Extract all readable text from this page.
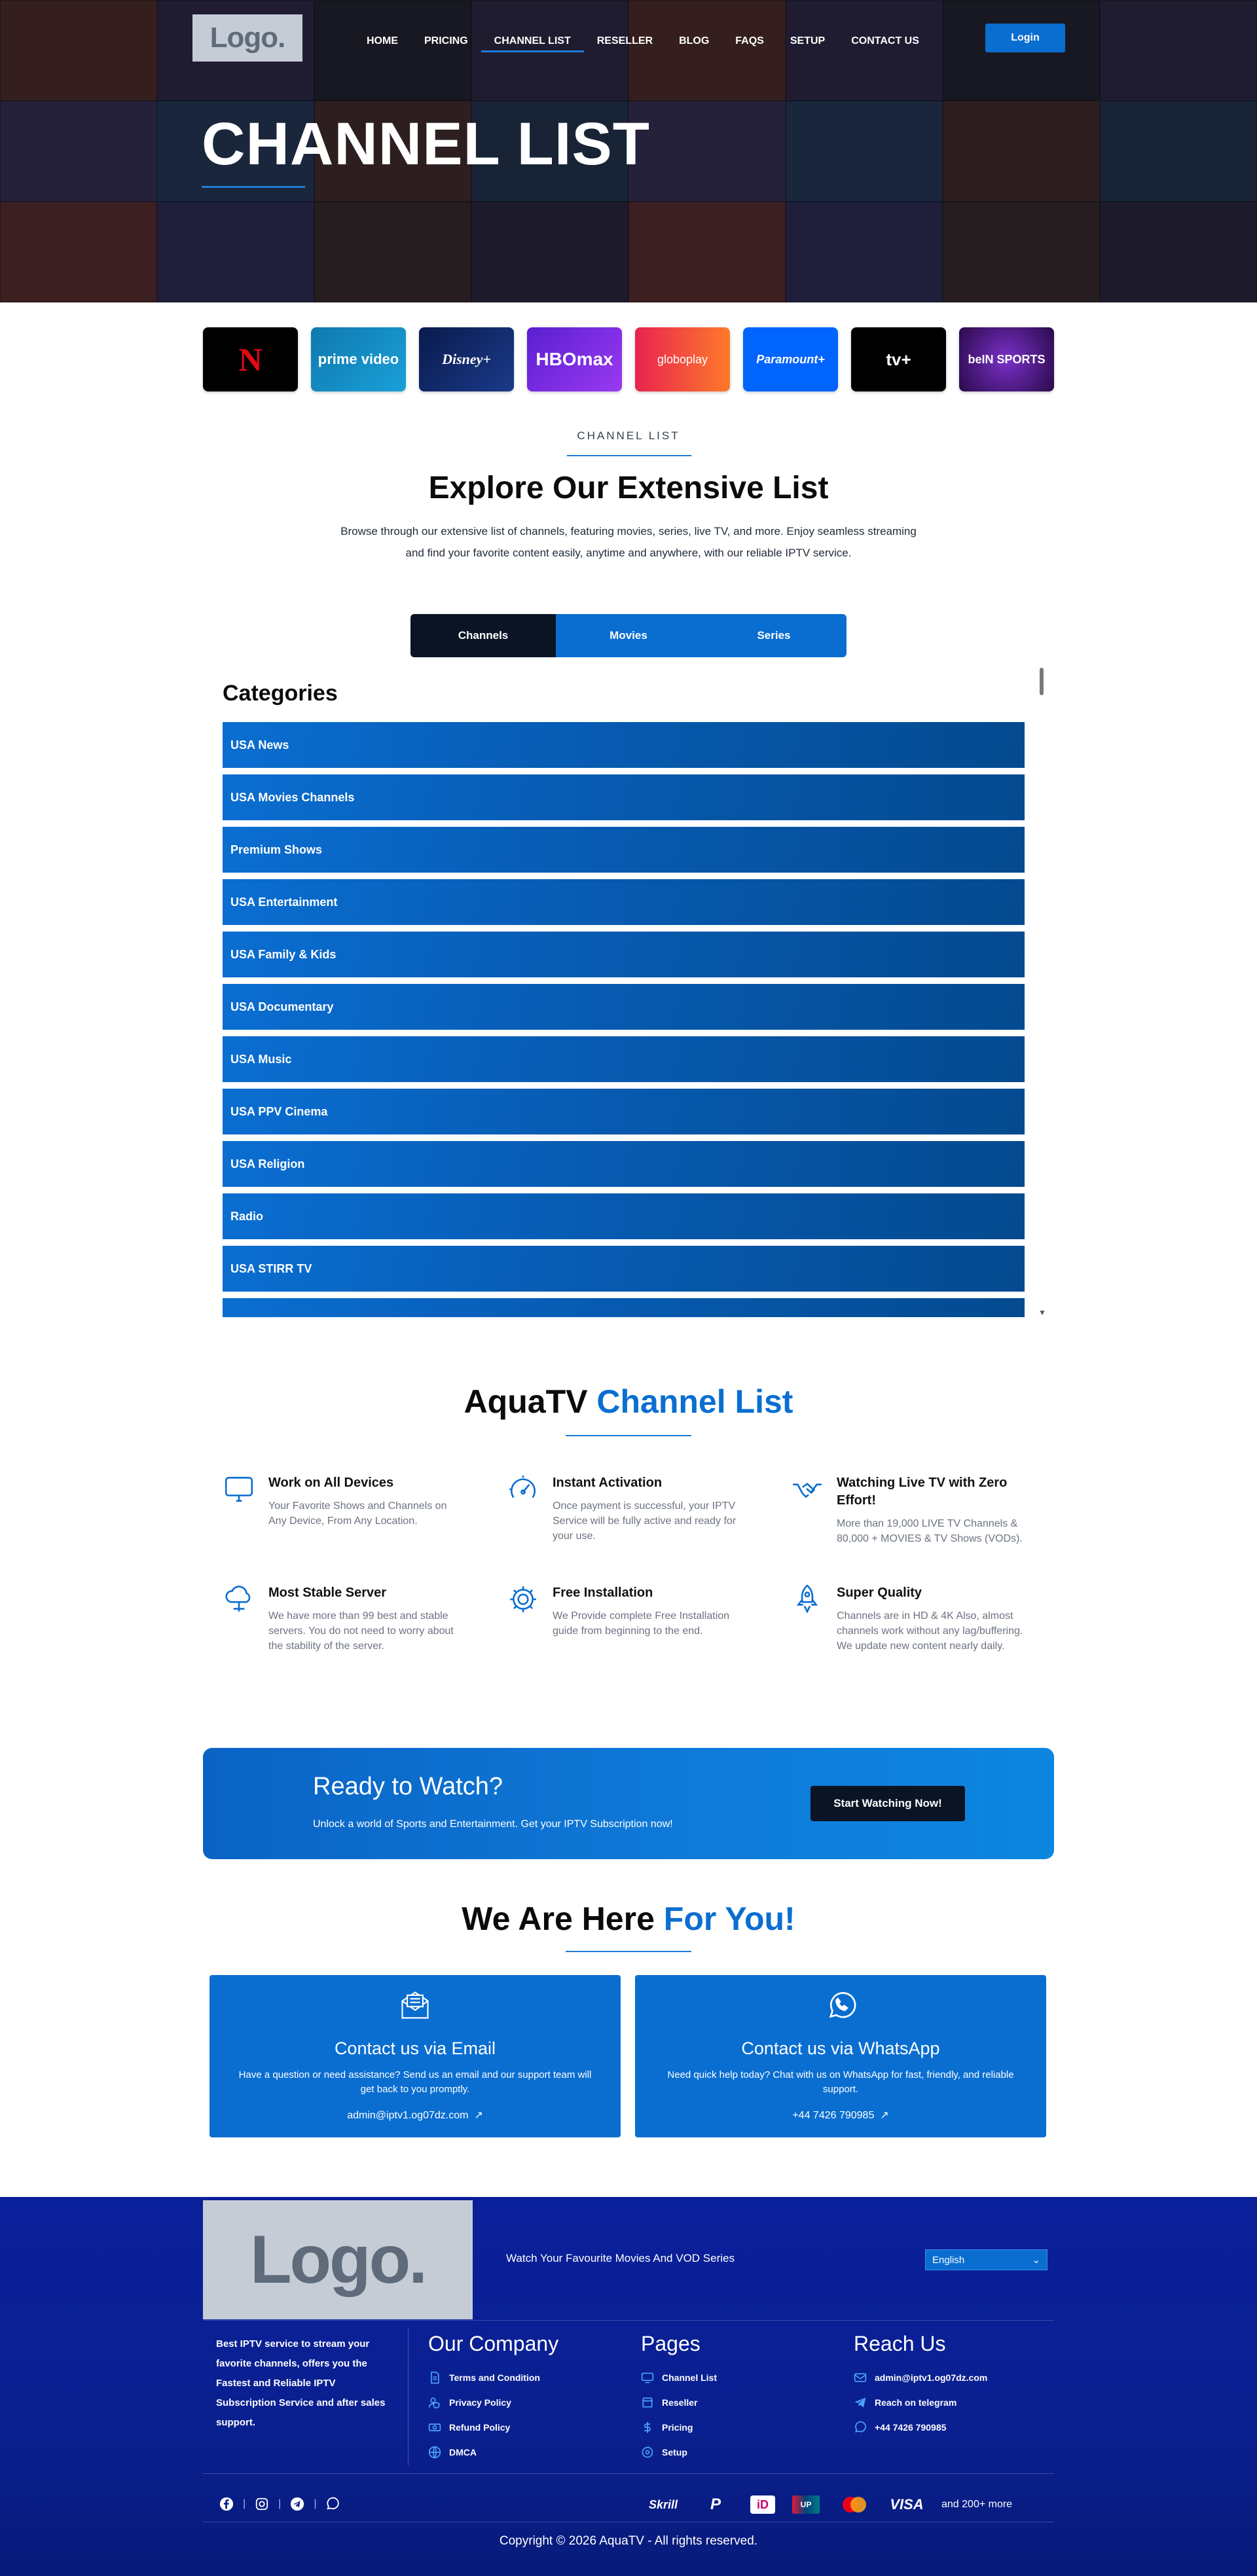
Logo.	HOME	PRICING	CHANNEL LIST	RESELLER	BLOG	FAQS	SETUP	CONTACT US	Login
CHANNEL LIST
N	prime video	Disney+	HBOmax	globoplay	Paramount+	tv+	beIN SPORTS
CHANNEL LIST
Explore Our Extensive List

Browse through our extensive list of channels, featuring movies, series, live TV, and more. Enjoy seamless streaming and find your favorite content easily, anytime and anywhere, with our reliable IPTV service.

Channels	Movies	Series
Categories
USA News
USA Movies Channels
Premium Shows
USA Entertainment
USA Family & Kids
USA Documentary
USA Music
USA PPV Cinema
USA Religion
Radio
USA STIRR TV
▼
AquaTV Channel List
Work on All Devices

Your Favorite Shows and Channels on Any Device, From Any Location.

Instant Activation

Once payment is successful, your IPTV Service will be fully active and ready for your use.

Watching Live TV with Zero Effort!

More than 19,000 LIVE TV Channels & 80,000 + MOVIES & TV Shows (VODs).

Most Stable Server

We have more than 99 best and stable servers. You do not need to worry about the stability of the server.

Free Installation

We Provide complete Free Installation guide from beginning to the end.

Super Quality

Channels are in HD & 4K Also, almost channels work without any lag/buffering. We update new content nearly daily.

Ready to Watch?

Unlock a world of Sports and Entertainment. Get your IPTV Subscription now!

Start Watching Now!
We Are Here For You!
Contact us via Email

Have a question or need assistance? Send us an email and our support team will get back to you promptly.

admin@iptv1.og07dz.com  ↗
Contact us via WhatsApp

Need quick help today? Chat with us on WhatsApp for fast, friendly, and reliable support.

+44 7426 790985  ↗
Logo.	Watch Your Favourite Movies And VOD Series	English	⌄
Best IPTV service to stream your favorite channels, offers you the Fastest and Reliable IPTV Subscription Service and after sales support.
Our Company
Terms and Condition
Privacy Policy
Refund Policy
DMCA
Pages
Channel List
Reseller
Pricing
Setup
Reach Us
admin@iptv1.og07dz.com
Reach on telegram
+44 7426 790985
|	|	|	Skrill	P	iD	UP	VISA and 200+ more
Copyright © 2026 AquaTV - All rights reserved.
